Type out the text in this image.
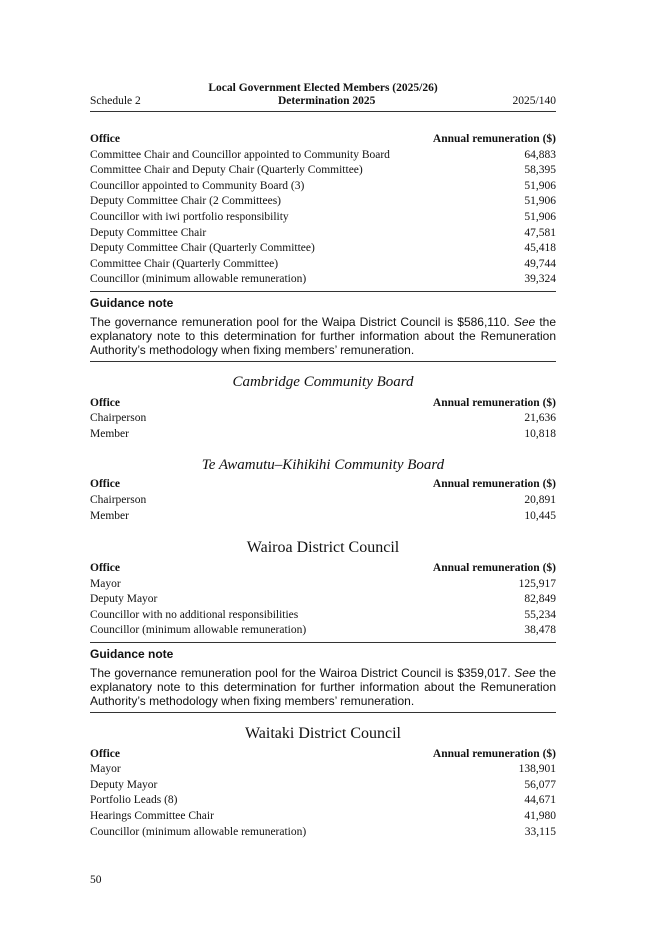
Local Government Elected Members (2025/26)
Schedule 2	Determination 2025	2025/140
Office	Annual remuneration ($)
Committee Chair and Councillor appointed to Community Board	64,883
Committee Chair and Deputy Chair (Quarterly Committee)	58,395
Councillor appointed to Community Board (3)	51,906
Deputy Committee Chair (2 Committees)	51,906
Councillor with iwi portfolio responsibility	51,906
Deputy Committee Chair	47,581
Deputy Committee Chair (Quarterly Committee)	45,418
Committee Chair (Quarterly Committee)	49,744
Councillor (minimum allowable remuneration)	39,324
Guidance note

The governance remuneration pool for the Waipa District Council is $586,110. See the explanatory note to this determination for further information about the Remuneration Authority’s methodology when fixing members’ remuneration.

Cambridge Community Board
Office	Annual remuneration ($)
Chairperson	21,636
Member	10,818
Te Awamutu–Kihikihi Community Board
Office	Annual remuneration ($)
Chairperson	20,891
Member	10,445
Wairoa District Council
Office	Annual remuneration ($)
Mayor	125,917
Deputy Mayor	82,849
Councillor with no additional responsibilities	55,234
Councillor (minimum allowable remuneration)	38,478
Guidance note

The governance remuneration pool for the Wairoa District Council is $359,017. See the explanatory note to this determination for further information about the Remuneration Authority’s methodology when fixing members’ remuneration.

Waitaki District Council
Office	Annual remuneration ($)
Mayor	138,901
Deputy Mayor	56,077
Portfolio Leads (8)	44,671
Hearings Committee Chair	41,980
Councillor (minimum allowable remuneration)	33,115
50
